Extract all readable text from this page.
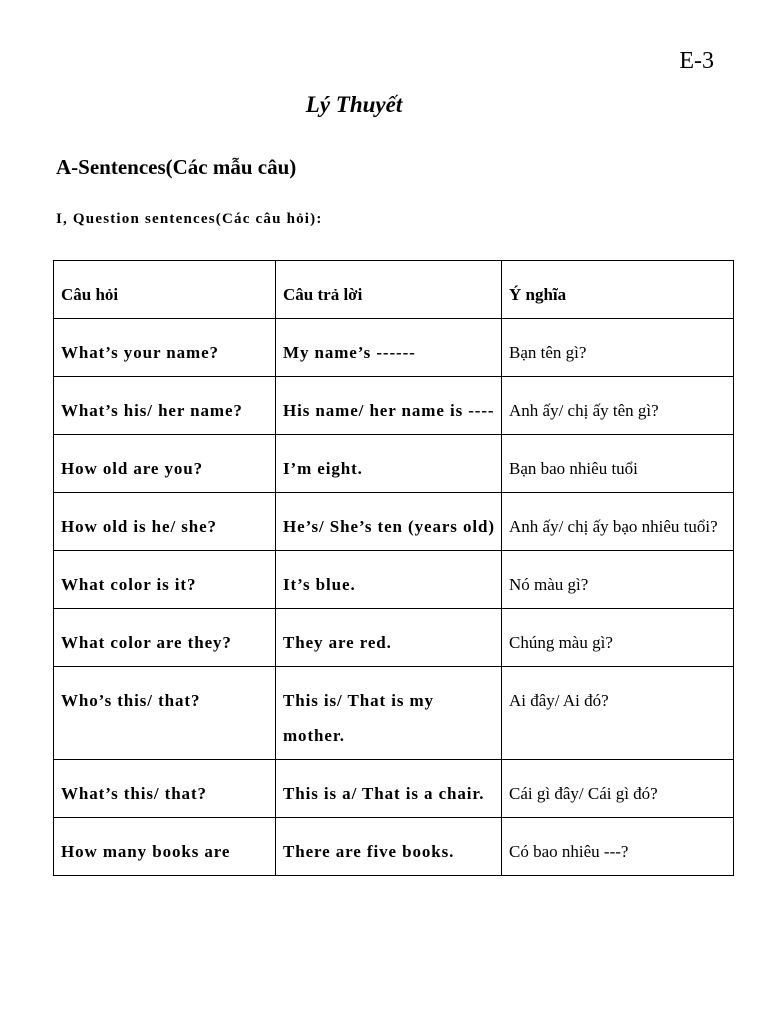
E-3
Lý Thuyết
A-Sentences(Các mẫu câu)
I, Question sentences(Các câu hỏi):
Câu hỏi	Câu trả lời	Ý nghĩa
What’s your name?	My name’s ------	Bạn tên gì?
What’s his/ her name?	His name/ her name is ----	Anh ấy/ chị ấy tên gì?
How old are you?	I’m eight.	Bạn bao nhiêu tuổi
How old is he/ she?	He’s/ She’s ten (years old)	Anh ấy/ chị ấy bạo nhiêu tuổi?
What color is it?	It’s blue.	Nó màu gì?
What color are they?	They are red.	Chúng màu gì?
Who’s this/ that?	This is/ That is my mother.	Ai đây/ Ai đó?
What’s this/ that?	This is a/ That is a chair.	Cái gì đây/ Cái gì đó?
How many books are	There are five books.	Có bao nhiêu ---?
